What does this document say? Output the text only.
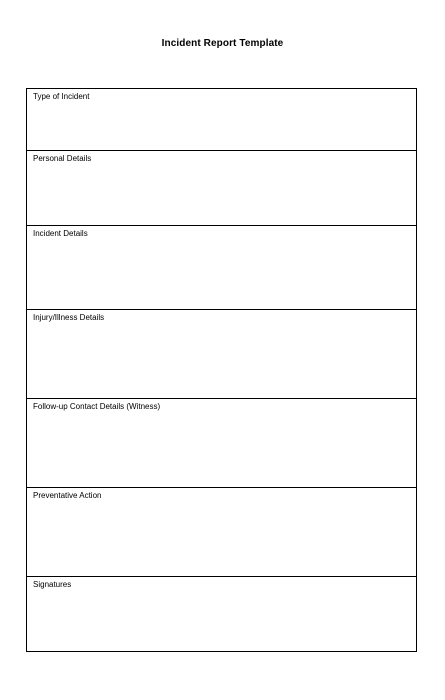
Incident Report Template
Type of Incident
Personal Details
Incident Details
Injury/Illness Details
Follow-up Contact Details (Witness)
Preventative Action
Signatures
